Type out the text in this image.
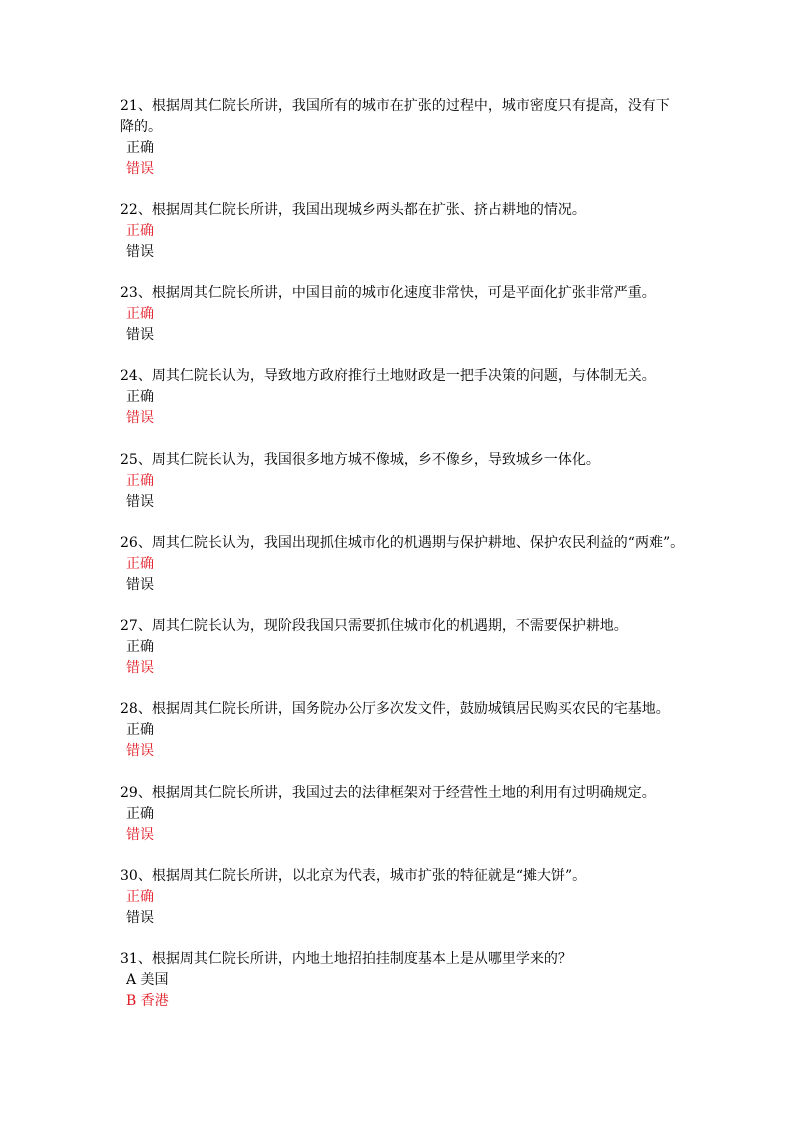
21、根据周其仁院长所讲，我国所有的城市在扩张的过程中，城市密度只有提高，没有下降的。

正确

错误

22、根据周其仁院长所讲，我国出现城乡两头都在扩张、挤占耕地的情况。

正确

错误

23、根据周其仁院长所讲，中国目前的城市化速度非常快，可是平面化扩张非常严重。

正确

错误

24、周其仁院长认为，导致地方政府推行土地财政是一把手决策的问题，与体制无关。

正确

错误

25、周其仁院长认为，我国很多地方城不像城，乡不像乡，导致城乡一体化。

正确

错误

26、周其仁院长认为，我国出现抓住城市化的机遇期与保护耕地、保护农民利益的“两难”。

正确

错误

27、周其仁院长认为，现阶段我国只需要抓住城市化的机遇期，不需要保护耕地。

正确

错误

28、根据周其仁院长所讲，国务院办公厅多次发文件，鼓励城镇居民购买农民的宅基地。

正确

错误

29、根据周其仁院长所讲，我国过去的法律框架对于经营性土地的利用有过明确规定。

正确

错误

30、根据周其仁院长所讲，以北京为代表，城市扩张的特征就是“摊大饼”。

正确

错误

31、根据周其仁院长所讲，内地土地招拍挂制度基本上是从哪里学来的？

A 美国

B 香港
